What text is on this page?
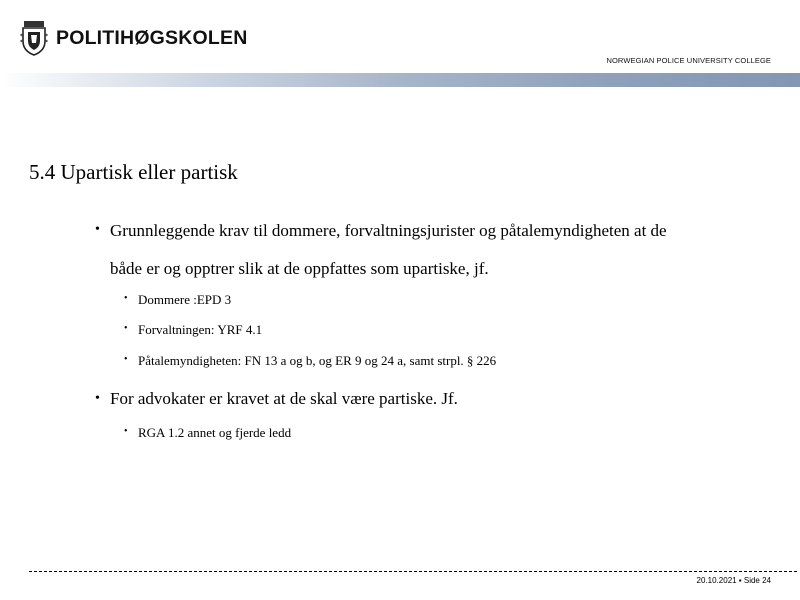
POLITIHØGSKOLEN
NORWEGIAN POLICE UNIVERSITY COLLEGE
5.4 Upartisk eller partisk
• Grunnleggende krav til dommere, forvaltningsjurister og påtalemyndigheten at de
både er og opptrer slik at de oppfattes som upartiske, jf.
• Dommere :EPD 3
• Forvaltningen: YRF 4.1
• Påtalemyndigheten: FN 13 a og b, og ER 9 og 24 a, samt strpl. § 226
• For advokater er kravet at de skal være partiske. Jf.
• RGA 1.2 annet og fjerde ledd
20.10.2021 ▪ Side 24
